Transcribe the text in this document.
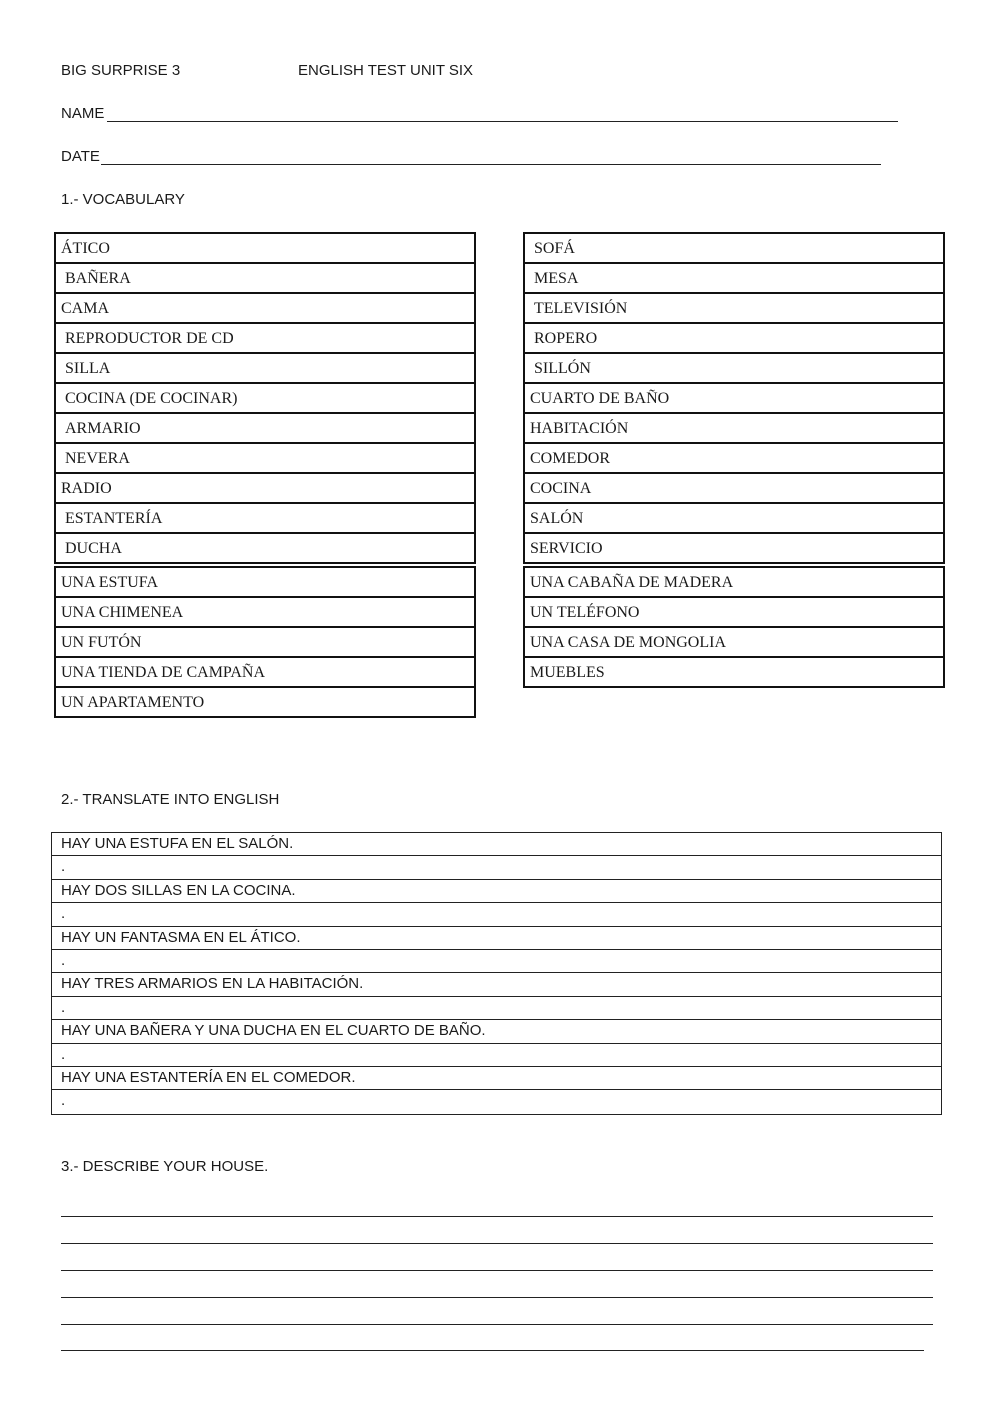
BIG SURPRISE 3	ENGLISH TEST UNIT SIX
NAME
DATE
1.- VOCABULARY
ÁTICO
BAÑERA
CAMA
REPRODUCTOR DE CD
SILLA
COCINA (DE COCINAR)
ARMARIO
NEVERA
RADIO
ESTANTERÍA
DUCHA
UNA ESTUFA
UNA CHIMENEA
UN FUTÓN
UNA TIENDA DE CAMPAÑA
UN APARTAMENTO
SOFÁ
MESA
TELEVISIÓN
ROPERO
SILLÓN
CUARTO DE BAÑO
HABITACIÓN
COMEDOR
COCINA
SALÓN
SERVICIO
UNA CABAÑA DE MADERA
UN TELÉFONO
UNA CASA DE MONGOLIA
MUEBLES
2.- TRANSLATE INTO ENGLISH
HAY UNA ESTUFA EN EL SALÓN.
.
HAY DOS SILLAS EN LA COCINA.
.
HAY UN FANTASMA EN EL ÁTICO.
.
HAY TRES ARMARIOS EN LA HABITACIÓN.
.
HAY UNA BAÑERA Y UNA DUCHA EN EL CUARTO DE BAÑO.
.
HAY UNA ESTANTERÍA EN EL COMEDOR.
.
3.- DESCRIBE YOUR HOUSE.
